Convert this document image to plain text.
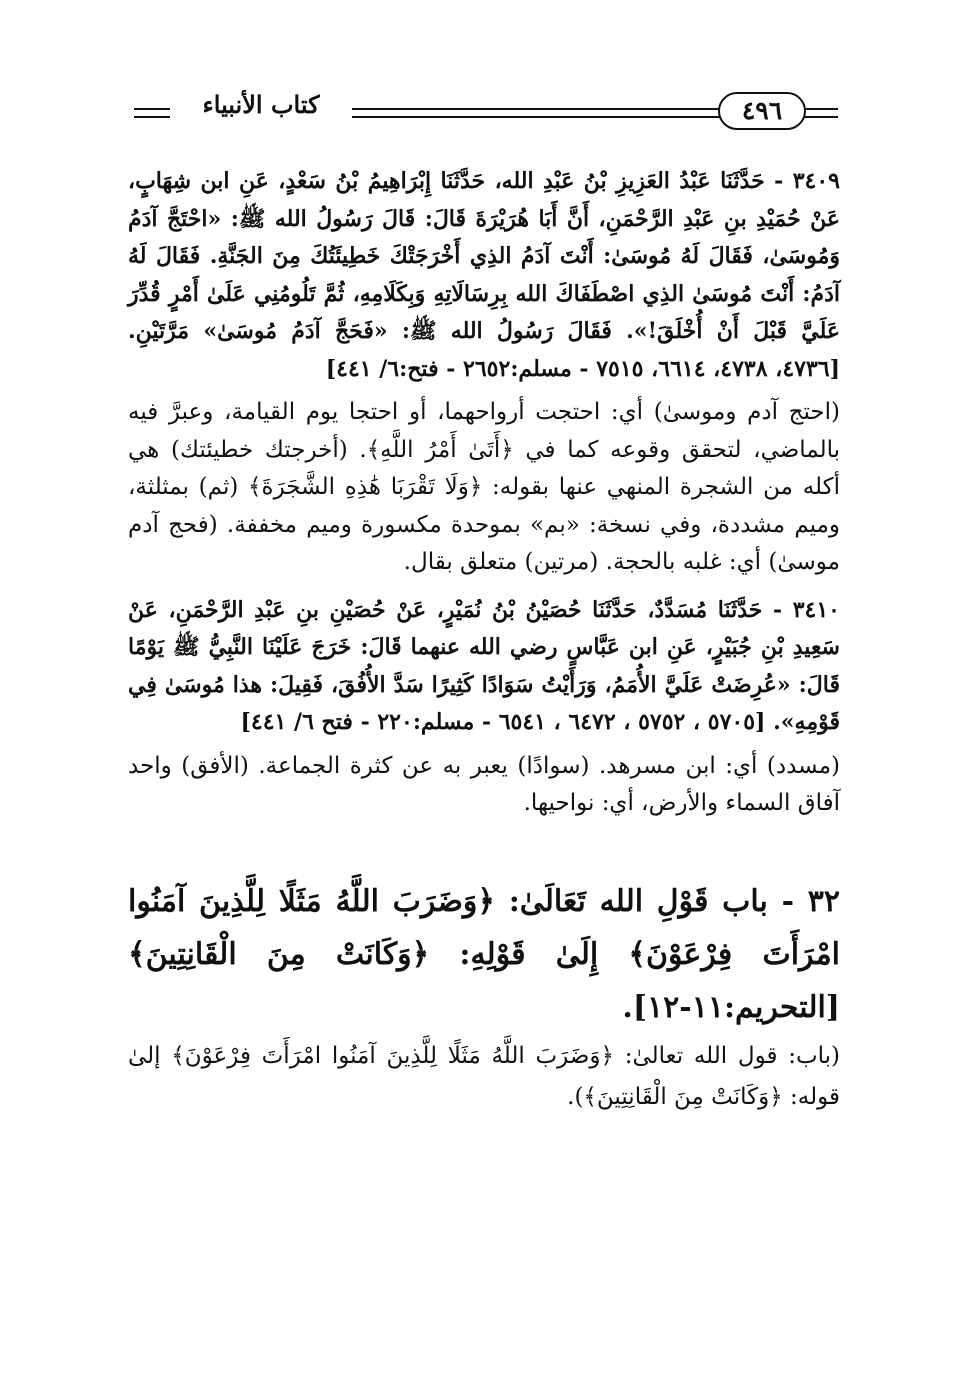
كتاب الأنبياء	٤٩٦

٣٤٠٩ - حَدَّثَنَا عَبْدُ العَزِيزِ بْنُ عَبْدِ الله، حَدَّثَنَا إِبْرَاهِيمُ بْنُ سَعْدٍ، عَنِ ابن شِهَابٍ، عَنْ حُمَيْدِ بنِ عَبْدِ الرَّحْمَنِ، أَنَّ أَبَا هُرَيْرَةَ قَالَ: قَالَ رَسُولُ الله ﷺ: «احْتَجَّ آدَمُ وَمُوسَىٰ، فَقَالَ لَهُ مُوسَىٰ: أَنْتَ آدَمُ الذِي أَخْرَجَتْكَ خَطِيئَتُكَ مِنَ الجَنَّةِ. فَقَالَ لَهُ آدَمُ: أَنْتَ مُوسَىٰ الذِي اصْطَفَاكَ الله بِرِسَالَاتِهِ وَبِكَلَامِهِ، ثُمَّ تَلُومُنِي عَلَىٰ أَمْرٍ قُدِّرَ عَلَيَّ قَبْلَ أَنْ أُخْلَقَ!». فَقَالَ رَسُولُ الله ﷺ: «فَحَجَّ آدَمُ مُوسَىٰ» مَرَّتَيْنِ. [٤٧٣٦، ٤٧٣٨، ٦٦١٤، ٧٥١٥ - مسلم:٢٦٥٢ - فتح:٦/ ٤٤١]

(احتج آدم وموسىٰ) أي: احتجت أرواحهما، أو احتجا يوم القيامة، وعبرَّ فيه بالماضي، لتحقق وقوعه كما في ﴿أَتَىٰ أَمْرُ اللَّهِ﴾. (أخرجتك خطيئتك) هي أكله من الشجرة المنهي عنها بقوله: ﴿وَلَا تَقْرَبَا هَٰذِهِ الشَّجَرَةَ﴾ (ثم) بمثلثة، وميم مشددة، وفي نسخة: «بم» بموحدة مكسورة وميم مخففة. (فحج آدم موسىٰ) أي: غلبه بالحجة. (مرتين) متعلق بقال.

٣٤١٠ - حَدَّثَنَا مُسَدَّدٌ، حَدَّثَنَا حُصَيْنُ بْنُ نُمَيْرٍ، عَنْ حُصَيْنِ بنِ عَبْدِ الرَّحْمَنِ، عَنْ سَعِيدِ بْنِ جُبَيْرٍ، عَنِ ابن عَبَّاسٍ رضي الله عنهما قَالَ: خَرَجَ عَلَيْنَا النَّبِيُّ ﷺ يَوْمًا قَالَ: «عُرِضَتْ عَلَيَّ الأُمَمُ، وَرَأَيْتُ سَوَادًا كَثِيرًا سَدَّ الأُفُقَ، فَقِيلَ: هذا مُوسَىٰ فِي قَوْمِهِ». [٥٧٠٥ ، ٥٧٥٢ ، ٦٤٧٢ ، ٦٥٤١ - مسلم:٢٢٠ - فتح ٦/ ٤٤١]

(مسدد) أي: ابن مسرهد. (سوادًا) يعبر به عن كثرة الجماعة. (الأفق) واحد آفاق السماء والأرض، أي: نواحيها.

٣٢ - باب قَوْلِ الله تَعَالَىٰ: ﴿وَضَرَبَ اللَّهُ مَثَلًا لِلَّذِينَ آمَنُوا امْرَأَتَ فِرْعَوْنَ﴾ إِلَىٰ قَوْلِهِ: ﴿وَكَانَتْ مِنَ الْقَانِتِينَ﴾ [التحريم:١١-١٢].

(باب: قول الله تعالىٰ: ﴿وَضَرَبَ اللَّهُ مَثَلًا لِلَّذِينَ آمَنُوا امْرَأَتَ فِرْعَوْنَ﴾ إلىٰ قوله: ﴿وَكَانَتْ مِنَ الْقَانِتِينَ﴾).
